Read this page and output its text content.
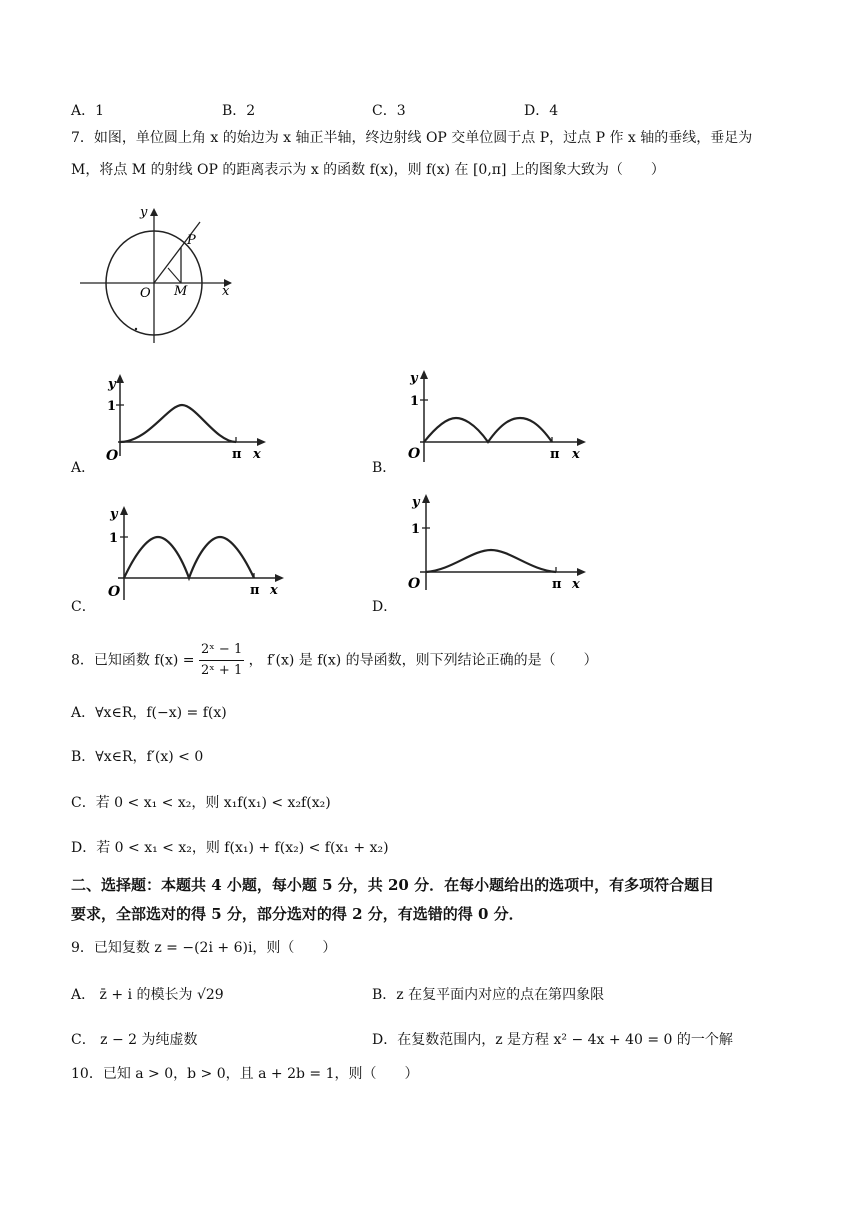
A．1	B．2	C．3	D．4
7．如图，单位圆上角 x 的始边为 x 轴正半轴，终边射线 OP 交单位圆于点 P，过点 P 作 x 轴的垂线，垂足为
M，将点 M 的射线 OP 的距离表示为 x 的函数 f(x)，则 f(x) 在 [0,π] 上的图象大致为（　　）
y
P
O M	x
y
1
O	π x
A．
y
1
O	π x
B．
y
1
O	π x
C．
y
1
O	π x
D．
8．已知函数 $f(x) = \frac{\text{2ˣ − 1}}{\text{2ˣ + 1}}$ ， f′(x) 是 f(x) 的导函数，则下列结论正确的是（　　）
A．∀x∈R，f(−x) = f(x)
B．∀x∈R，f′(x) < 0
C．若 0 < x₁ < x₂，则 x₁f(x₁) < x₂f(x₂)
D．若 0 < x₁ < x₂，则 f(x₁) + f(x₂) < f(x₁ + x₂)
二、选择题：本题共 4 小题，每小题 5 分，共 20 分．在每小题给出的选项中，有多项符合题目
要求，全部选对的得 5 分，部分选对的得 2 分，有选错的得 0 分．
9．已知复数 z = −(2i + 6)i，则（　　）
A． z̄ + i 的模长为 √29	B．z 在复平面内对应的点在第四象限
C． z − 2 为纯虚数	D．在复数范围内，z 是方程 x² − 4x + 40 = 0 的一个解
10．已知 a > 0，b > 0，且 a + 2b = 1，则（　　）
